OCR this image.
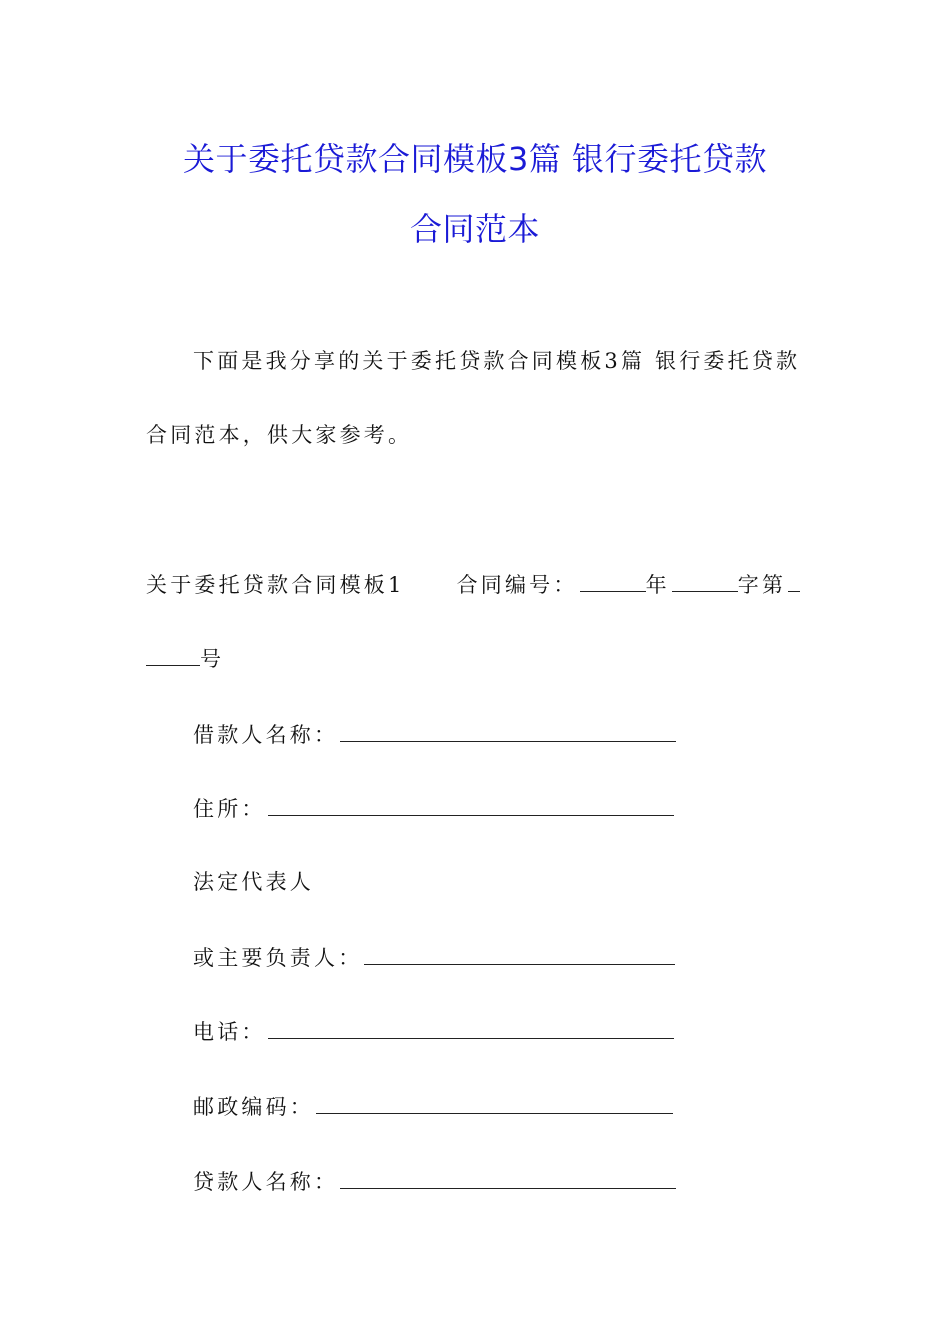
关于委托贷款合同模板3篇 银行委托贷款
合同范本
下面是我分享的关于委托贷款合同模板3篇 银行委托贷款
合同范本，供大家参考。
关于委托贷款合同模板1 合同编号：	年	字第
号
借款人名称：
住所：
法定代表人
或主要负责人：
电话：
邮政编码：
贷款人名称：
